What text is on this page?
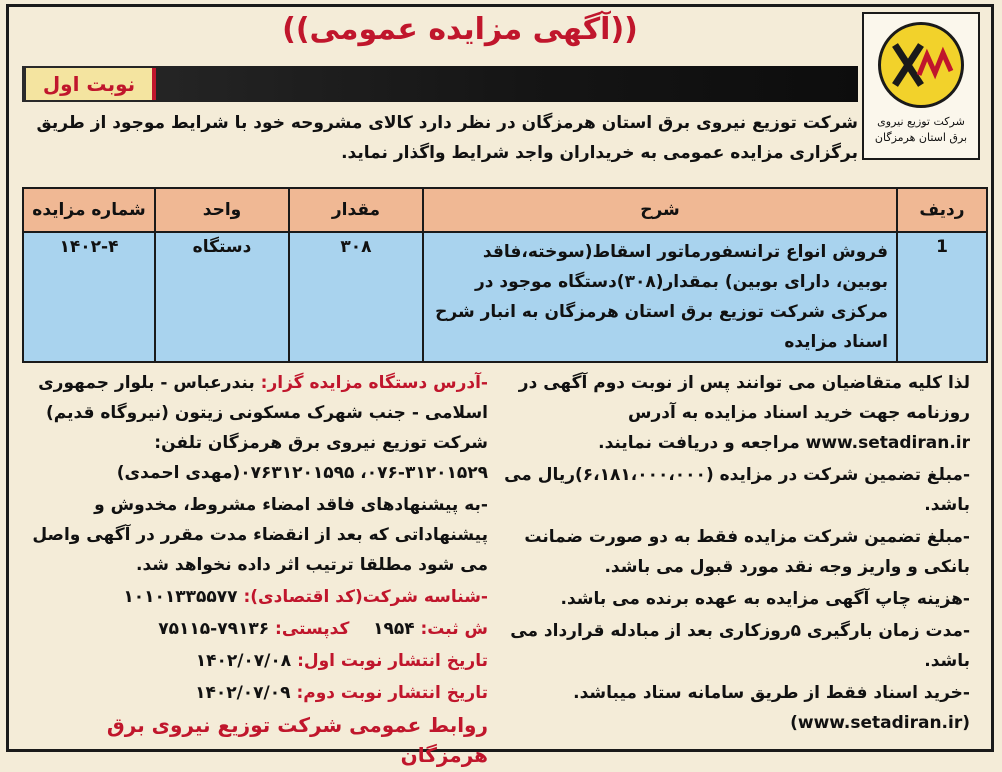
((آگهی مزایده عمومی))
شرکت توزیع نیروی
برق استان هرمزگان
نوبت اول
شرکت توزیع نیروی برق استان هرمزگان در نظر دارد کالای مشروحه خود با شرایط موجود از طریق برگزاری مزایده عمومی به خریداران واجد شرایط واگذار نماید.
ردیف	شرح	مقدار	واحد	شماره مزایده
1	فروش انواع ترانسفورماتور اسقاط(سوخته،فاقد بوبین، دارای بوبین) بمقدار(۳۰۸)دستگاه موجود در مرکزی شرکت توزیع برق استان هرمزگان به انبار شرح اسناد مزایده	۳۰۸	دستگاه	۱۴۰۲-۴
لذا کلیه متقاضیان می توانند پس از نوبت دوم آگهی در روزنامه جهت خرید اسناد مزایده به آدرس www.setadiran.ir مراجعه و دریافت نمایند.
-مبلغ تضمین شرکت در مزایده (۶،۱۸۱،۰۰۰،۰۰۰)ریال می باشد.
-مبلغ تضمین شرکت مزایده فقط به دو صورت ضمانت بانکی و واریز وجه نقد مورد قبول می باشد.
-هزینه چاپ آگهی مزایده به عهده برنده می باشد.
-مدت زمان بارگیری ۵روزکاری بعد از مبادله قرارداد می باشد.
-خرید اسناد فقط از طریق سامانه ستاد میباشد.(www.setadiran.ir)
-آدرس دستگاه مزایده گزار: بندرعباس - بلوار جمهوری اسلامی - جنب شهرک مسکونی زیتون (نیروگاه قدیم) شرکت توزیع نیروی برق هرمزگان تلفن: ۳۱۲۰۱۵۲۹-۰۷۶، ۰۷۶۳۱۲۰۱۵۹۵(مهدی احمدی)
-به پیشنهادهای فاقد امضاء مشروط، مخدوش و پیشنهاداتی که بعد از انقضاء مدت مقرر در آگهی واصل می شود مطلقا ترتیب اثر داده نخواهد شد.
-شناسه شرکت(کد اقتصادی): ۱۰۱۰۱۳۳۵۵۷۷
ش ثبت: ۱۹۵۴    کدپستی: ۷۹۱۳۶-۷۵۱۱۵
تاریخ انتشار نوبت اول: ۱۴۰۲/۰۷/۰۸
تاریخ انتشار نوبت دوم: ۱۴۰۲/۰۷/۰۹
روابط عمومی شرکت توزیع نیروی برق هرمزگان
